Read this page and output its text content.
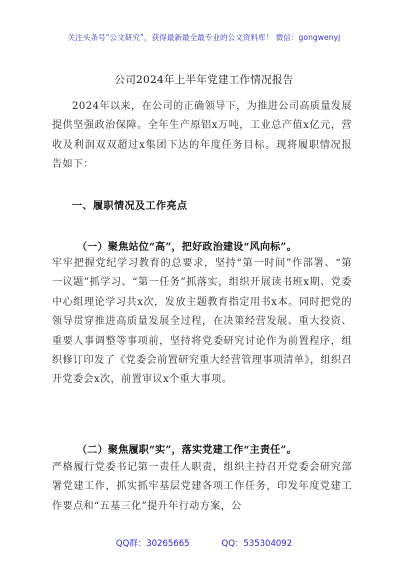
关注头条号“公文研究”，获得最新最全最专业的公文资料库！ 微信：gongwenyj
公司2024年上半年党建工作情况报告

2024年以来，在公司的正确领导下，为推进公司高质量发展提供坚强政治保障。全年生产原铝x万吨，工业总产值x亿元，营收及利润双双超过x集团下达的年度任务目标。现将履职情况报告如下：

一、履职情况及工作亮点

（一）聚焦站位“高”，把好政治建设“风向标”。

牢牢把握党纪学习教育的总要求，坚持“第一时间”作部署、“第一议题”抓学习、“第一任务”抓落实，组织开展读书班x期、党委中心组理论学习共x次，发放主题教育指定用书x本。同时把党的领导贯穿推进高质量发展全过程，在决策经营发展、重大投资、重要人事调整等事项前，坚持将党委研究讨论作为前置程序，组织修订印发了《党委会前置研究重大经营管理事项清单》，组织召开党委会x次，前置审议x个重大事项。

（二）聚焦履职“实”，落实党建工作“主责任”。

严格履行党委书记第一责任人职责，组织主持召开党委会研究部署党建工作，抓实抓牢基层党建各项工作任务，印发年度党建工作要点和“五基三化”提升年行动方案，公

QQ群：30265665	QQ：535304092
